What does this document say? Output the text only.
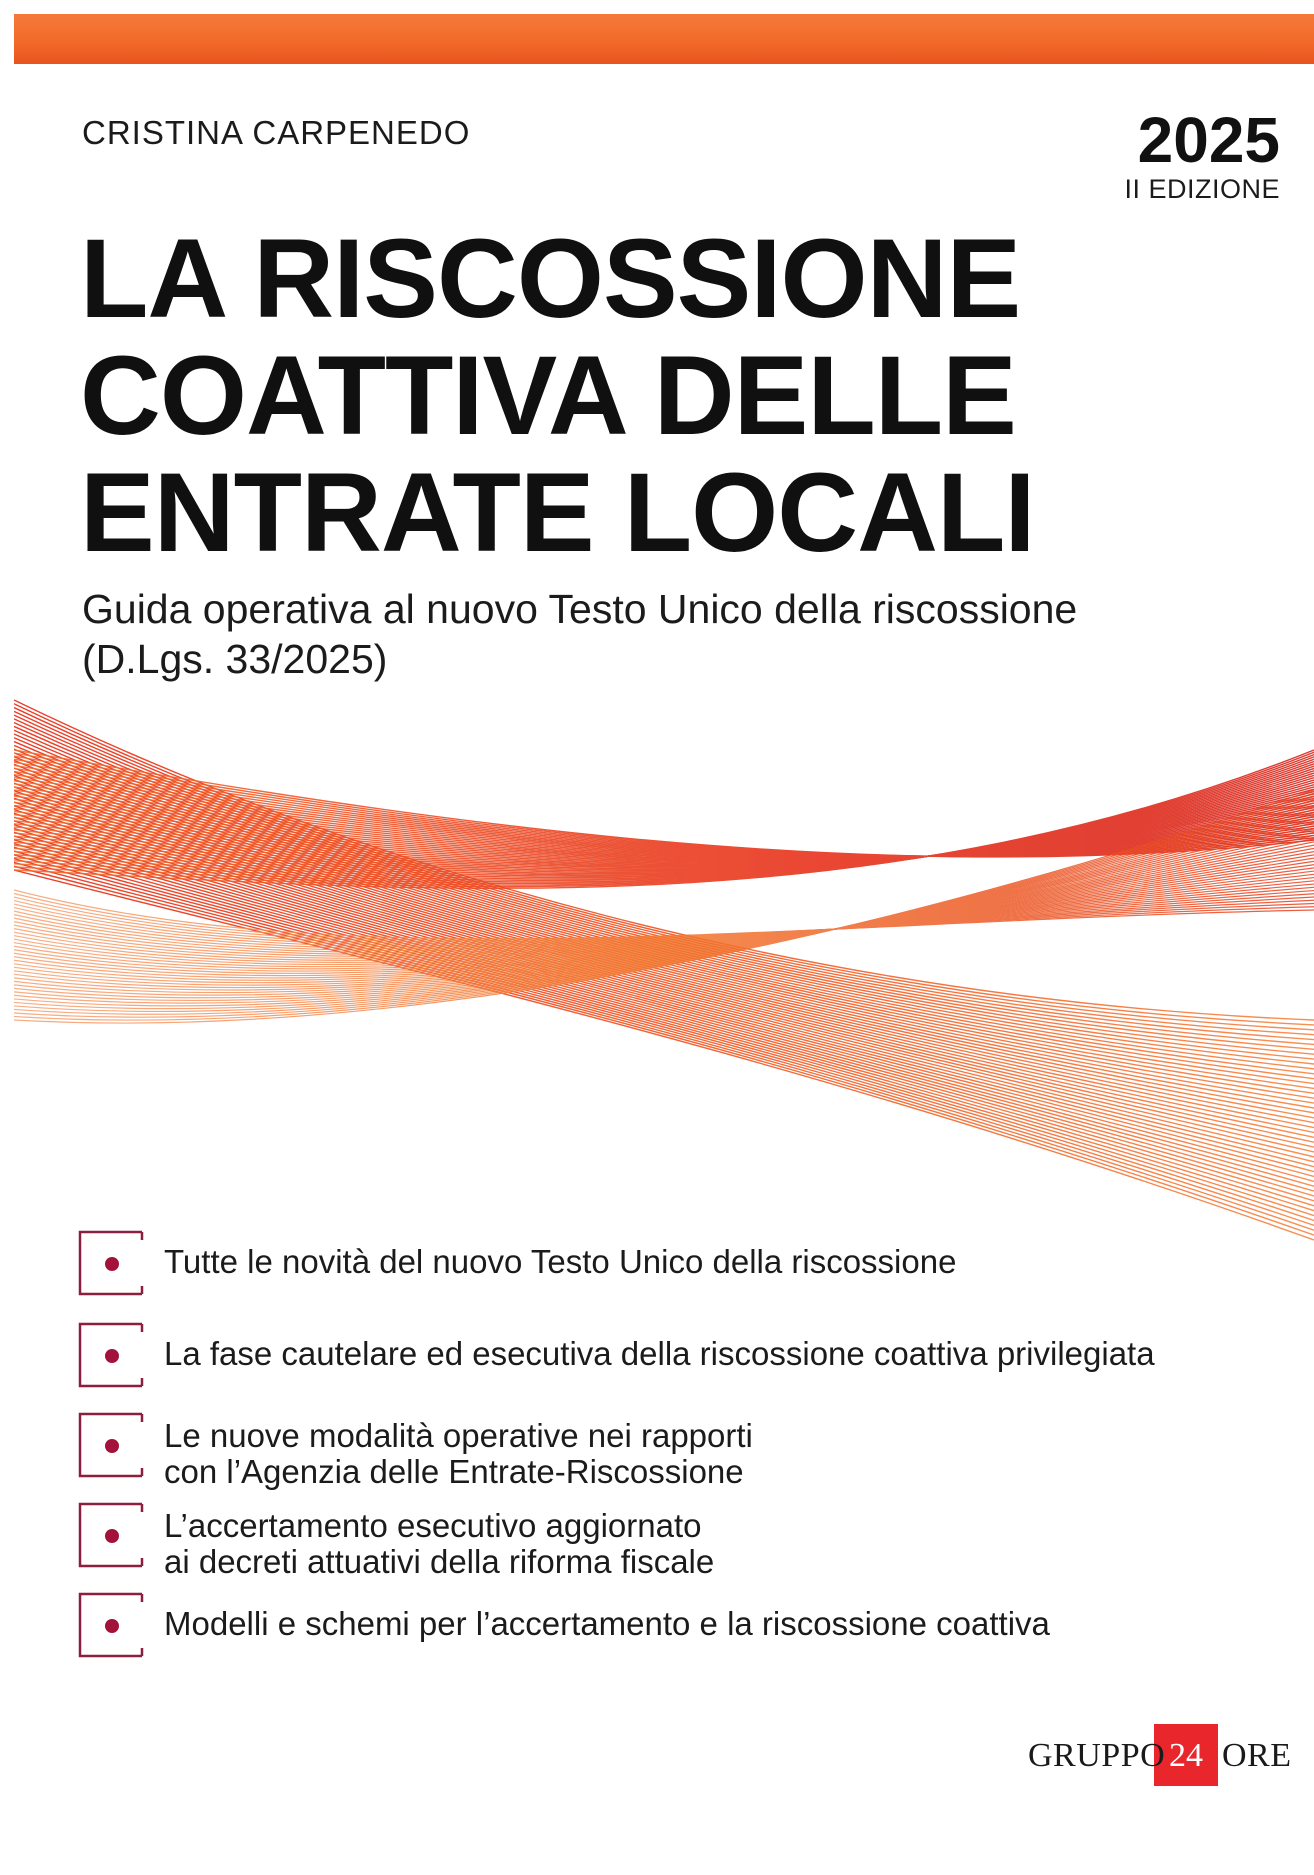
CRISTINA CARPENEDO	2025
II EDIZIONE
LA RISCOSSIONE
COATTIVA DELLE
ENTRATE LOCALI
Guida operativa al nuovo Testo Unico della riscossione
(D.Lgs. 33/2025)
Tutte le novità del nuovo Testo Unico della riscossione
La fase cautelare ed esecutiva della riscossione coattiva privilegiata
Le nuove modalità operative nei rapporti
con l’Agenzia delle Entrate-Riscossione
L’accertamento esecutivo aggiornato
ai decreti attuativi della riforma fiscale
Modelli e schemi per l’accertamento e la riscossione coattiva
GRUPPO 24 ORE
